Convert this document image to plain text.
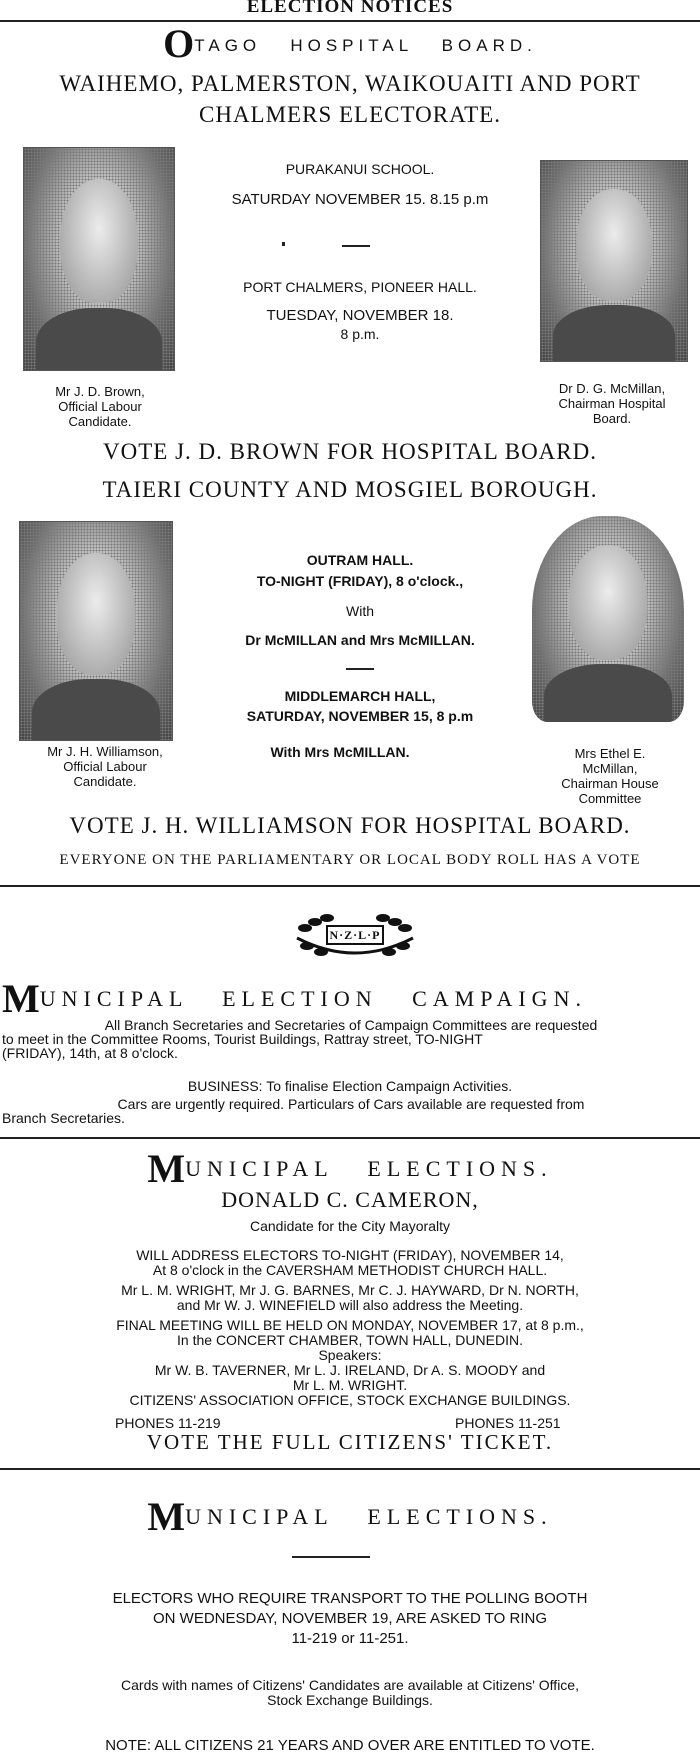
ELECTION NOTICES
OTAGO   HOSPITAL   BOARD.
WAIHEMO, PALMERSTON, WAIKOUAITI AND PORT
CHALMERS ELECTORATE.
PURAKANUI SCHOOL.
SATURDAY NOVEMBER 15. 8.15 p.m
PORT CHALMERS, PIONEER HALL.
TUESDAY, NOVEMBER 18.
8 p.m.
Mr J. D. Brown,
Official Labour
Candidate.
Dr D. G. McMillan,
Chairman Hospital
Board.
VOTE J. D. BROWN FOR HOSPITAL BOARD.
TAIERI COUNTY AND MOSGIEL BOROUGH.
OUTRAM HALL.
TO-NIGHT (FRIDAY), 8 o'clock.,
With
Dr McMILLAN and Mrs McMILLAN.
MIDDLEMARCH HALL,
SATURDAY, NOVEMBER 15, 8 p.m
With Mrs McMILLAN.
Mr J. H. Williamson,
Official Labour
Candidate.
Mrs Ethel E.
McMillan,
Chairman House
Committee
VOTE J. H. WILLIAMSON FOR HOSPITAL BOARD.
EVERYONE ON THE PARLIAMENTARY OR LOCAL BODY ROLL HAS A VOTE
N·Z·L·P
MUNICIPAL   ELECTION   CAMPAIGN.
All Branch Secretaries and Secretaries of Campaign Committees are requested
to meet in the Committee Rooms, Tourist Buildings, Rattray street, TO-NIGHT
(FRIDAY), 14th, at 8 o'clock.
BUSINESS: To finalise Election Campaign Activities.
Cars are urgently required. Particulars of Cars available are requested from
Branch Secretaries.
MUNICIPAL   ELECTIONS.
DONALD C. CAMERON,
Candidate for the City Mayoralty
WILL ADDRESS ELECTORS TO-NIGHT (FRIDAY), NOVEMBER 14,
At 8 o'clock in the CAVERSHAM METHODIST CHURCH HALL.
Mr L. M. WRIGHT, Mr J. G. BARNES, Mr C. J. HAYWARD, Dr N. NORTH,
and Mr W. J. WINEFIELD will also address the Meeting.
FINAL MEETING WILL BE HELD ON MONDAY, NOVEMBER 17, at 8 p.m.,
In the CONCERT CHAMBER, TOWN HALL, DUNEDIN.
Speakers:
Mr W. B. TAVERNER, Mr L. J. IRELAND, Dr A. S. MOODY and
Mr L. M. WRIGHT.
CITIZENS' ASSOCIATION OFFICE, STOCK EXCHANGE BUILDINGS.
PHONES 11-219	PHONES 11-251
VOTE THE FULL CITIZENS' TICKET.
MUNICIPAL   ELECTIONS.
ELECTORS WHO REQUIRE TRANSPORT TO THE POLLING BOOTH
ON WEDNESDAY, NOVEMBER 19, ARE ASKED TO RING
11-219 or 11-251.
Cards with names of Citizens' Candidates are available at Citizens' Office,
Stock Exchange Buildings.
NOTE: ALL CITIZENS 21 YEARS AND OVER ARE ENTITLED TO VOTE.
